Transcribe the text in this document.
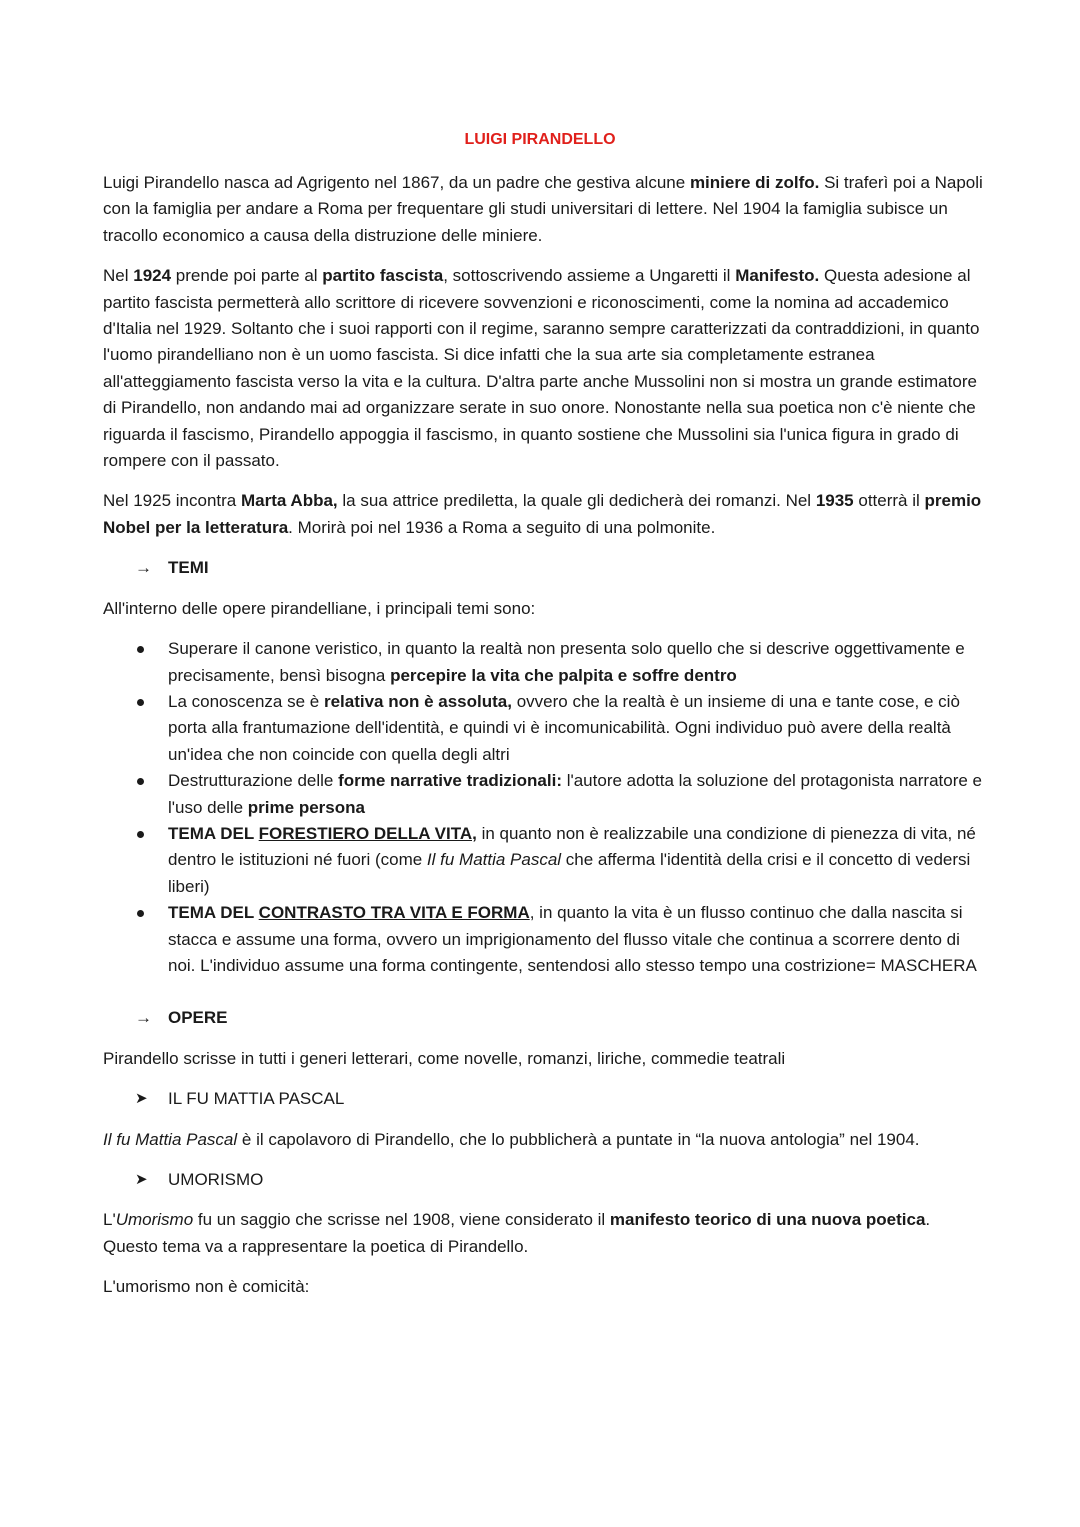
LUIGI PIRANDELLO

Luigi Pirandello nasca ad Agrigento nel 1867, da un padre che gestiva alcune miniere di zolfo. Si traferì poi a Napoli con la famiglia per andare a Roma per frequentare gli studi universitari di lettere. Nel 1904 la famiglia subisce un tracollo economico a causa della distruzione delle miniere.

Nel 1924 prende poi parte al partito fascista, sottoscrivendo assieme a Ungaretti il Manifesto. Questa adesione al partito fascista permetterà allo scrittore di ricevere sovvenzioni e riconoscimenti, come la nomina ad accademico d'Italia nel 1929. Soltanto che i suoi rapporti con il regime, saranno sempre caratterizzati da contraddizioni, in quanto l'uomo pirandelliano non è un uomo fascista. Si dice infatti che la sua arte sia completamente estranea all'atteggiamento fascista verso la vita e la cultura. D'altra parte anche Mussolini non si mostra un grande estimatore di Pirandello, non andando mai ad organizzare serate in suo onore. Nonostante nella sua poetica non c'è niente che riguarda il fascismo, Pirandello appoggia il fascismo, in quanto sostiene che Mussolini sia l'unica figura in grado di rompere con il passato.

Nel 1925 incontra Marta Abba, la sua attrice prediletta, la quale gli dedicherà dei romanzi. Nel 1935 otterrà il premio Nobel per la letteratura. Morirà poi nel 1936 a Roma a seguito di una polmonite.

→ TEMI

All'interno delle opere pirandelliane, i principali temi sono:

Superare il canone veristico, in quanto la realtà non presenta solo quello che si descrive oggettivamente e precisamente, bensì bisogna percepire la vita che palpita e soffre dentro
La conoscenza se è relativa non è assoluta, ovvero che la realtà è un insieme di una e tante cose, e ciò porta alla frantumazione dell'identità, e quindi vi è incomunicabilità. Ogni individuo può avere della realtà un'idea che non coincide con quella degli altri
Destrutturazione delle forme narrative tradizionali: l'autore adotta la soluzione del protagonista narratore e l'uso delle prime persona
TEMA DEL FORESTIERO DELLA VITA, in quanto non è realizzabile una condizione di pienezza di vita, né dentro le istituzioni né fuori (come Il fu Mattia Pascal che afferma l'identità della crisi e il concetto di vedersi liberi)
TEMA DEL CONTRASTO TRA VITA E FORMA, in quanto la vita è un flusso continuo che dalla nascita si stacca e assume una forma, ovvero un imprigionamento del flusso vitale che continua a scorrere dento di noi. L'individuo assume una forma contingente, sentendosi allo stesso tempo una costrizione= MASCHERA
→ OPERE

Pirandello scrisse in tutti i generi letterari, come novelle, romanzi, liriche, commedie teatrali

➤	IL FU MATTIA PASCAL

Il fu Mattia Pascal è il capolavoro di Pirandello, che lo pubblicherà a puntate in “la nuova antologia” nel 1904.

➤	UMORISMO

L'Umorismo fu un saggio che scrisse nel 1908, viene considerato il manifesto teorico di una nuova poetica. Questo tema va a rappresentare la poetica di Pirandello.

L'umorismo non è comicità:
